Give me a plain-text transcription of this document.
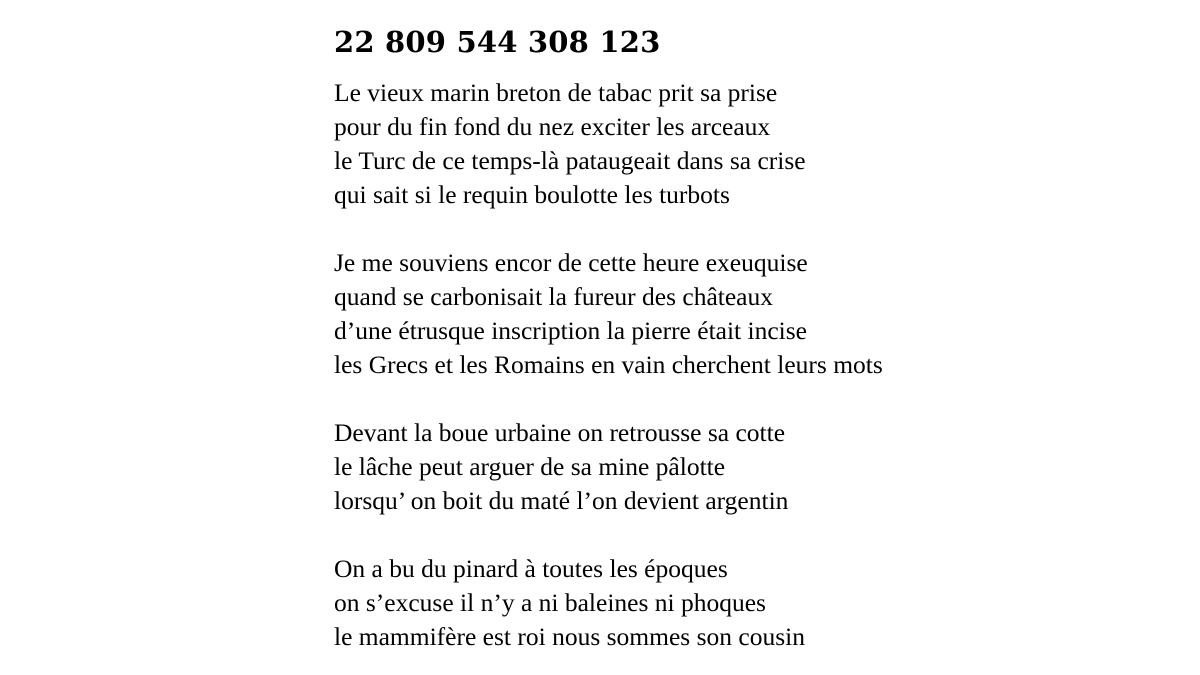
22 809 544 308 123
Le vieux marin breton de tabac prit sa prise
pour du fin fond du nez exciter les arceaux
le Turc de ce temps-là pataugeait dans sa crise
qui sait si le requin boulotte les turbots
Je me souviens encor de cette heure exeuquise
quand se carbonisait la fureur des châteaux
d’une étrusque inscription la pierre était incise
les Grecs et les Romains en vain cherchent leurs mots
Devant la boue urbaine on retrousse sa cotte
le lâche peut arguer de sa mine pâlotte
lorsqu’ on boit du maté l’on devient argentin
On a bu du pinard à toutes les époques
on s’excuse il n’y a ni baleines ni phoques
le mammifère est roi nous sommes son cousin
